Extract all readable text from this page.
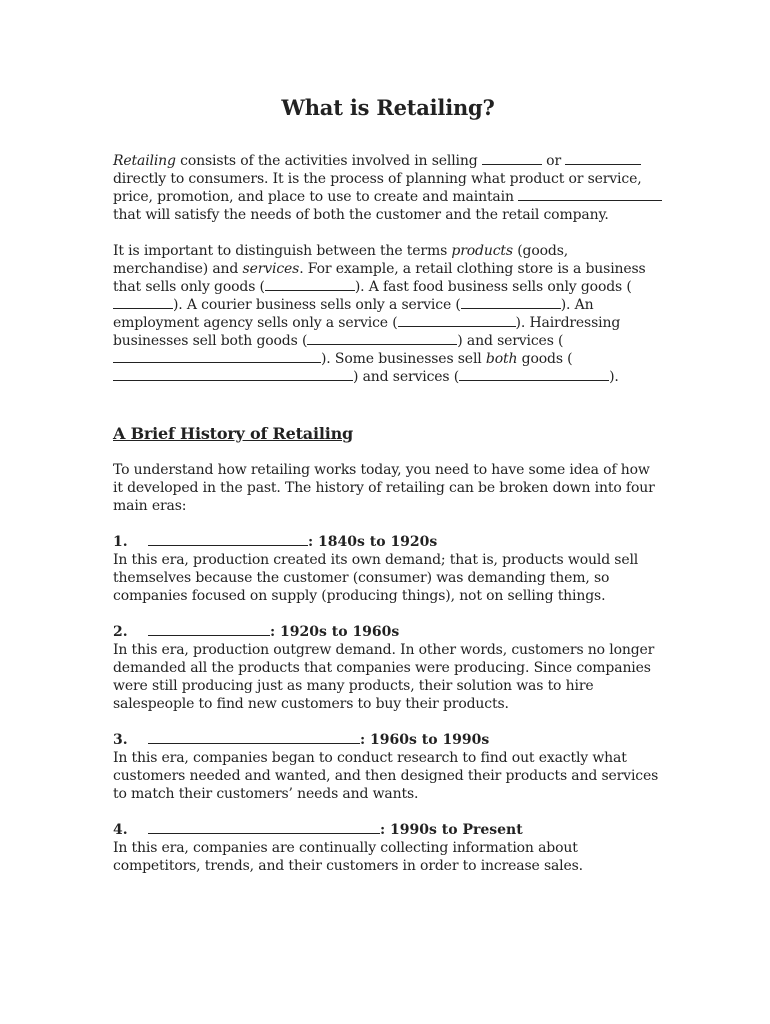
What is Retailing?

Retailing consists of the activities involved in selling	or  directly to consumers. It is the process of planning what product or service, price, promotion, and place to use to create and maintain  that will satisfy the needs of both the customer and the retail company.

It is important to distinguish between the terms products (goods, merchandise) and services. For example, a retail clothing store is a business that sells only goods (	). A fast food business sells only goods (). A courier business sells only a service (	). An employment agency sells only a service (	). Hairdressing businesses sell both goods (	) and services (). Some businesses sell both goods () and services (	).

A Brief History of Retailing

To understand how retailing works today, you need to have some idea of how it developed in the past. The history of retailing can be broken down into four main eras:

1.	: 1840s to 1920s

In this era, production created its own demand; that is, products would sell themselves because the customer (consumer) was demanding them, so companies focused on supply (producing things), not on selling things.

2.	: 1920s to 1960s

In this era, production outgrew demand. In other words, customers no longer demanded all the products that companies were producing. Since companies were still producing just as many products, their solution was to hire salespeople to find new customers to buy their products.

3.	: 1960s to 1990s

In this era, companies began to conduct research to find out exactly what customers needed and wanted, and then designed their products and services to match their customers’ needs and wants.

4.	: 1990s to Present

In this era, companies are continually collecting information about competitors, trends, and their customers in order to increase sales.
